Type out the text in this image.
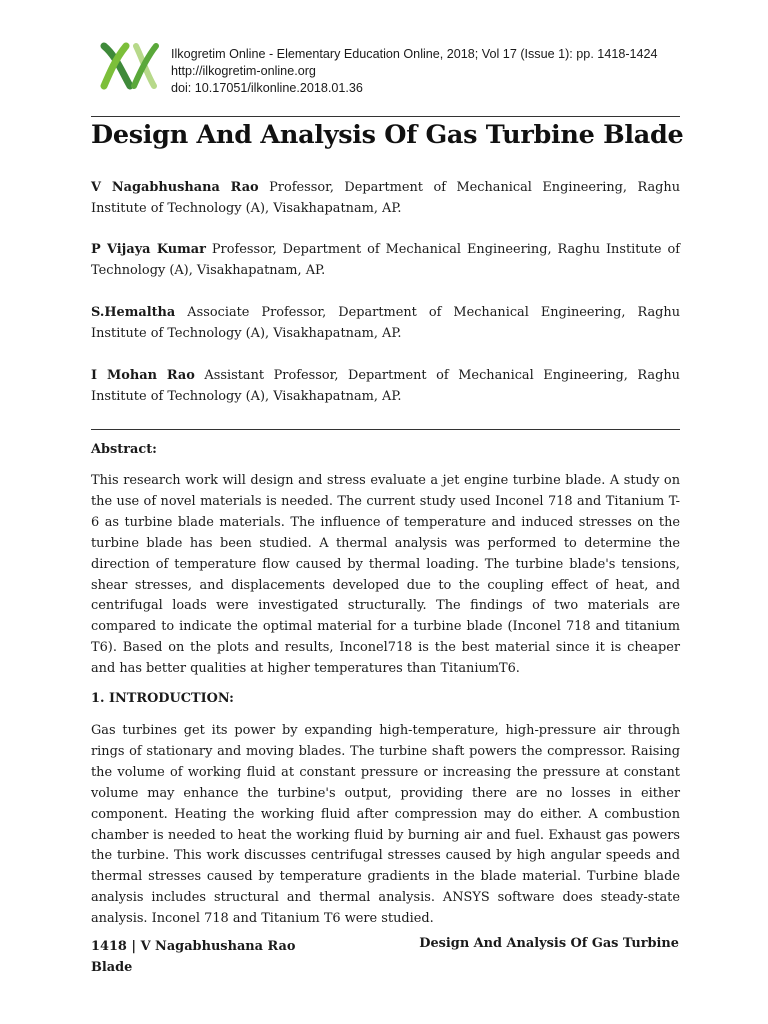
Ilkogretim Online - Elementary Education Online, 2018; Vol 17 (Issue 1): pp. 1418-1424
http://ilkogretim-online.org
doi: 10.17051/ilkonline.2018.01.36
Design And Analysis Of Gas Turbine Blade

V Nagabhushana Rao Professor, Department of Mechanical Engineering, Raghu Institute of Technology (A), Visakhapatnam, AP.

P Vijaya Kumar Professor, Department of Mechanical Engineering, Raghu Institute of Technology (A), Visakhapatnam, AP.

S.Hemaltha Associate Professor, Department of Mechanical Engineering, Raghu Institute of Technology (A), Visakhapatnam, AP.

I Mohan Rao Assistant Professor, Department of Mechanical Engineering, Raghu Institute of Technology (A), Visakhapatnam, AP.

Abstract:

This research work will design and stress evaluate a jet engine turbine blade. A study on the use of novel materials is needed. The current study used Inconel 718 and Titanium T-6 as turbine blade materials. The influence of temperature and induced stresses on the turbine blade has been studied. A thermal analysis was performed to determine the direction of temperature flow caused by thermal loading. The turbine blade's tensions, shear stresses, and displacements developed due to the coupling effect of heat, and centrifugal loads were investigated structurally. The findings of two materials are compared to indicate the optimal material for a turbine blade (Inconel 718 and titanium T6). Based on the plots and results, Inconel718 is the best material since it is cheaper and has better qualities at higher temperatures than TitaniumT6.

1. INTRODUCTION:

Gas turbines get its power by expanding high-temperature, high-pressure air through rings of stationary and moving blades. The turbine shaft powers the compressor. Raising the volume of working fluid at constant pressure or increasing the pressure at constant volume may enhance the turbine's output, providing there are no losses in either component. Heating the working fluid after compression may do either. A combustion chamber is needed to heat the working fluid by burning air and fuel. Exhaust gas powers the turbine. This work discusses centrifugal stresses caused by high angular speeds and thermal stresses caused by temperature gradients in the blade material. Turbine blade analysis includes structural and thermal analysis. ANSYS software does steady-state analysis. Inconel 718 and Titanium T6 were studied.

1418 | V Nagabhushana Rao
Blade
Design And Analysis Of Gas Turbine
